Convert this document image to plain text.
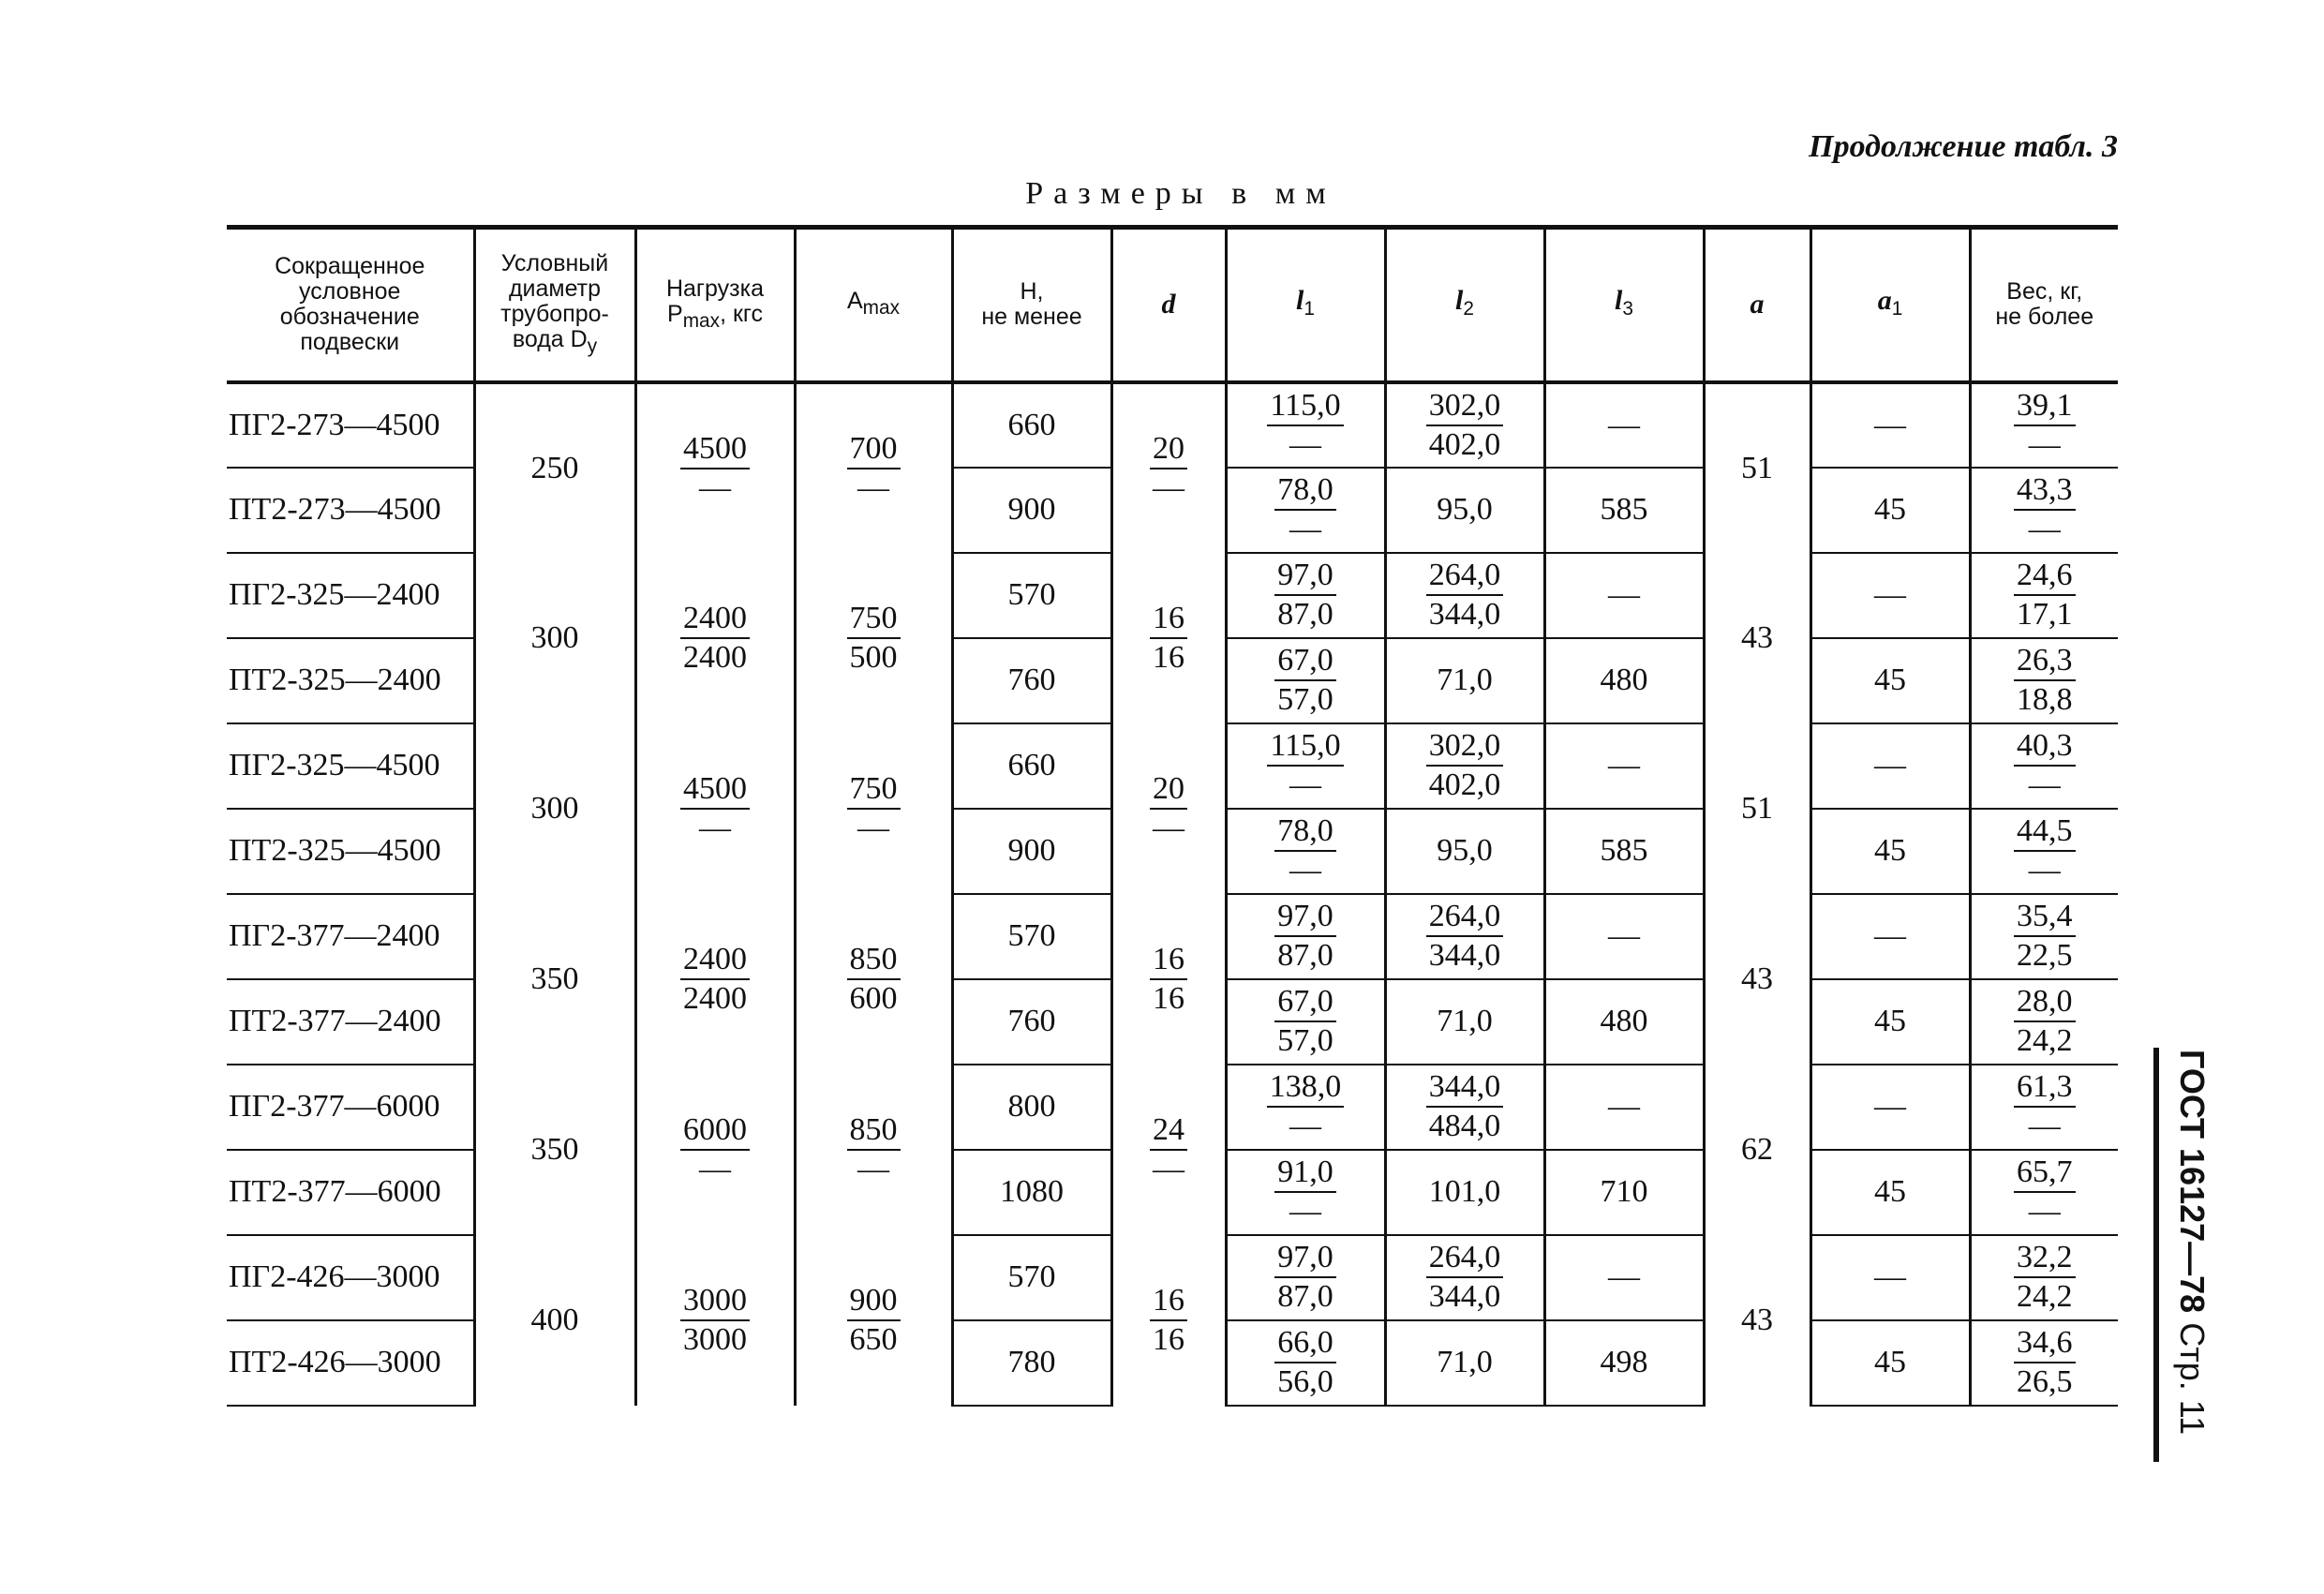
Продолжение табл. 3
Размеры в мм
ГОСТ 16127—78 Стр. 11
Сокращенное
условное
обозначение
подвески	Условный
диаметр
трубопро-
вода $D_у$	Нагрузка
$P_{max}$, кгс	$A_{max}$	H,
не менее	d	$l_1$	$l_2$	$l_3$	a	$a_1$	Вес, кг,
не более
ПГ2-273—4500	250	$\frac{4500}{—}$	$\frac{700}{—}$	660	$\frac{20}{—}$	$\frac{115,0}{—}$	$\frac{302,0}{402,0}$	—	51	—	$\frac{39,1}{—}$

ПТ2-273—4500				900		$\frac{78,0}{—}$	95,0	585		45	$\frac{43,3}{—}$

ПГ2-325—2400	300	$\frac{2400}{2400}$	$\frac{750}{500}$	570	$\frac{16}{16}$	$\frac{97,0}{87,0}$	$\frac{264,0}{344,0}$	—	43	—	$\frac{24,6}{17,1}$

ПТ2-325—2400				760		$\frac{67,0}{57,0}$	71,0	480		45	$\frac{26,3}{18,8}$

ПГ2-325—4500	300	$\frac{4500}{—}$	$\frac{750}{—}$	660	$\frac{20}{—}$	$\frac{115,0}{—}$	$\frac{302,0}{402,0}$	—	51	—	$\frac{40,3}{—}$

ПТ2-325—4500				900		$\frac{78,0}{—}$	95,0	585		45	$\frac{44,5}{—}$

ПГ2-377—2400	350	$\frac{2400}{2400}$	$\frac{850}{600}$	570	$\frac{16}{16}$	$\frac{97,0}{87,0}$	$\frac{264,0}{344,0}$	—	43	—	$\frac{35,4}{22,5}$

ПТ2-377—2400				760		$\frac{67,0}{57,0}$	71,0	480		45	$\frac{28,0}{24,2}$

ПГ2-377—6000	350	$\frac{6000}{—}$	$\frac{850}{—}$	800	$\frac{24}{—}$	$\frac{138,0}{—}$	$\frac{344,0}{484,0}$	—	62	—	$\frac{61,3}{—}$

ПТ2-377—6000				1080		$\frac{91,0}{—}$	101,0	710		45	$\frac{65,7}{—}$

ПГ2-426—3000	400	$\frac{3000}{3000}$	$\frac{900}{650}$	570	$\frac{16}{16}$	$\frac{97,0}{87,0}$	$\frac{264,0}{344,0}$	—	43	—	$\frac{32,2}{24,2}$

ПТ2-426—3000				780		$\frac{66,0}{56,0}$	71,0	498		45	$\frac{34,6}{26,5}$
